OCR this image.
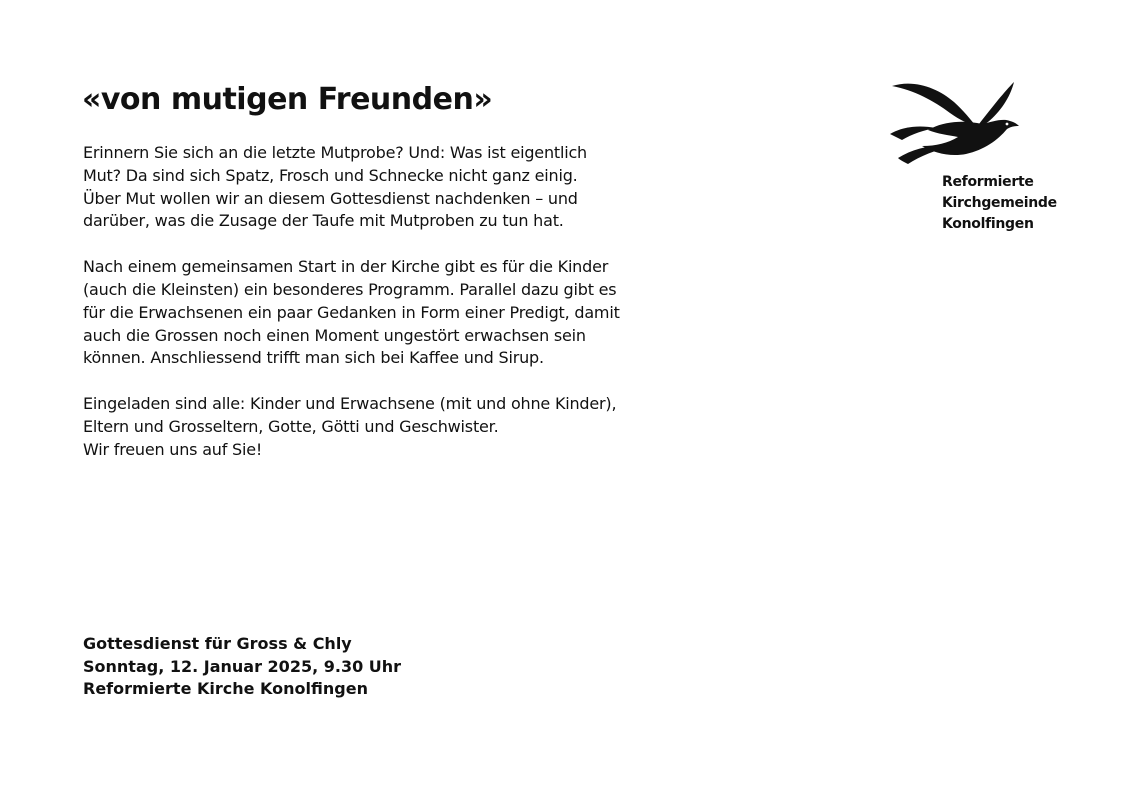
«von mutigen Freunden»

Erinnern Sie sich an die letzte Mutprobe? Und: Was ist eigentlich
Mut? Da sind sich Spatz, Frosch und Schnecke nicht ganz einig.
Über Mut wollen wir an diesem Gottesdienst nachdenken – und
darüber, was die Zusage der Taufe mit Mutproben zu tun hat.

Nach einem gemeinsamen Start in der Kirche gibt es für die Kinder
(auch die Kleinsten) ein besonderes Programm. Parallel dazu gibt es
für die Erwachsenen ein paar Gedanken in Form einer Predigt, damit
auch die Grossen noch einen Moment ungestört erwachsen sein
können. Anschliessend trifft man sich bei Kaffee und Sirup.

Eingeladen sind alle: Kinder und Erwachsene (mit und ohne Kinder),
Eltern und Grosseltern, Gotte, Götti und Geschwister.
Wir freuen uns auf Sie!

Gottesdienst für Gross & Chly
Sonntag, 12. Januar 2025, 9.30 Uhr
Reformierte Kirche Konolfingen
Reformierte
Kirchgemeinde
Konolfingen
